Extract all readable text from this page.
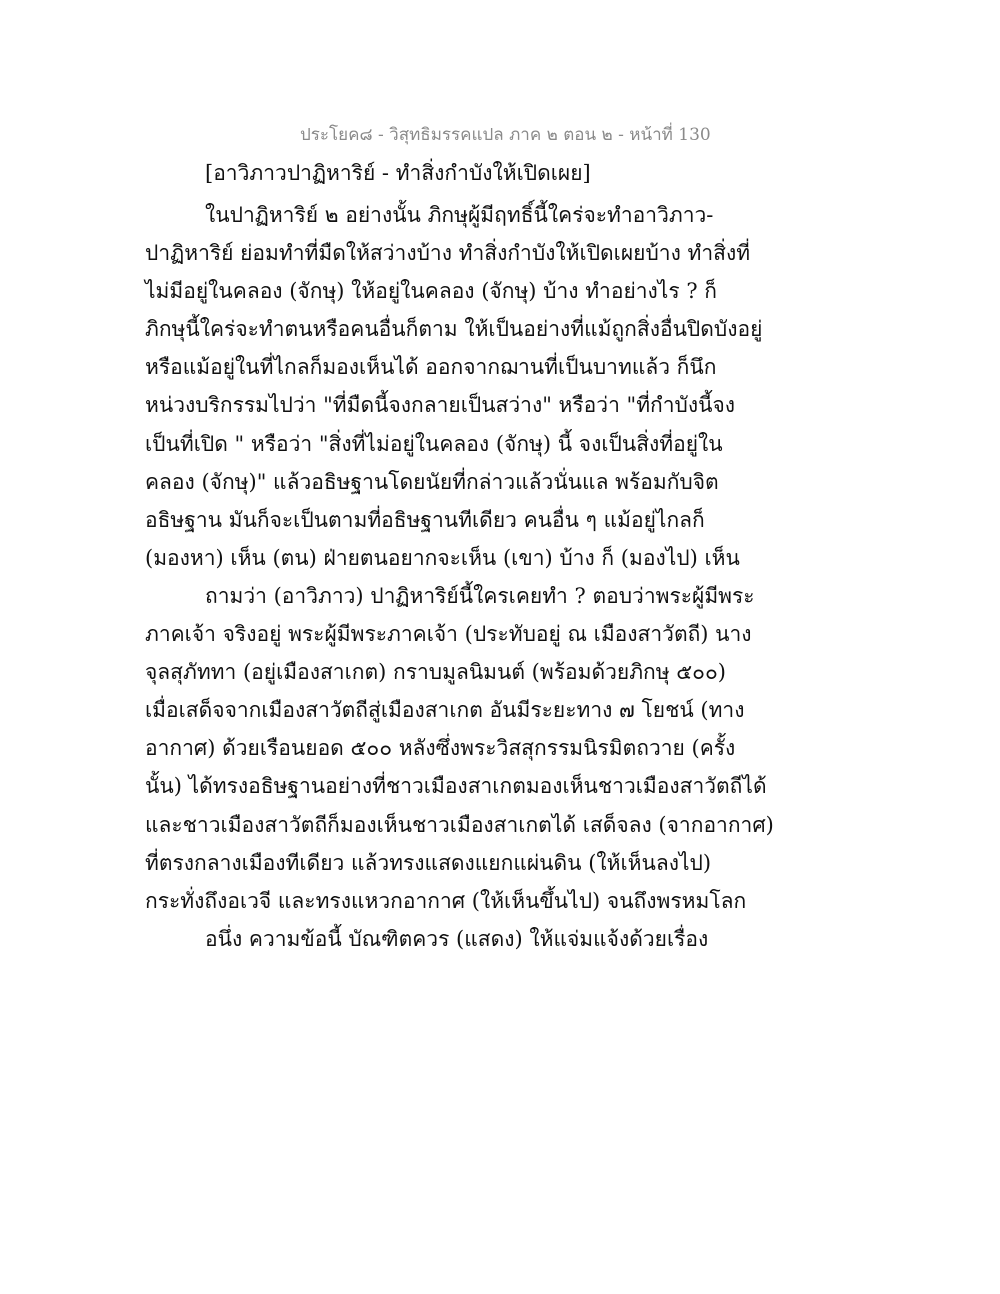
ประโยค๘ - วิสุทธิมรรคแปล ภาค ๒ ตอน ๒ - หน้าที่ 130
[อาวิภาวปาฏิหาริย์ - ทำสิ่งกำบังให้เปิดเผย]
ในปาฏิหาริย์ ๒ อย่างนั้น ภิกษุผู้มีฤทธิ์นี้ใคร่จะทำอาวิภาว-
ปาฏิหาริย์ ย่อมทำที่มืดให้สว่างบ้าง ทำสิ่งกำบังให้เปิดเผยบ้าง ทำสิ่งที่
ไม่มีอยู่ในคลอง (จักษุ) ให้อยู่ในคลอง (จักษุ) บ้าง ทำอย่างไร ? ก็
ภิกษุนี้ใคร่จะทำตนหรือคนอื่นก็ตาม ให้เป็นอย่างที่แม้ถูกสิ่งอื่นปิดบังอยู่
หรือแม้อยู่ในที่ไกลก็มองเห็นได้ ออกจากฌานที่เป็นบาทแล้ว ก็นึก
หน่วงบริกรรมไปว่า "ที่มืดนี้จงกลายเป็นสว่าง" หรือว่า "ที่กำบังนี้จง
เป็นที่เปิด " หรือว่า "สิ่งที่ไม่อยู่ในคลอง (จักษุ) นี้ จงเป็นสิ่งที่อยู่ใน
คลอง (จักษุ)" แล้วอธิษฐานโดยนัยที่กล่าวแล้วนั่นแล พร้อมกับจิต
อธิษฐาน มันก็จะเป็นตามที่อธิษฐานทีเดียว คนอื่น ๆ แม้อยู่ไกลก็
(มองหา) เห็น (ตน) ฝ่ายตนอยากจะเห็น (เขา) บ้าง ก็ (มองไป) เห็น
ถามว่า (อาวิภาว) ปาฏิหาริย์นี้ใครเคยทำ ? ตอบว่าพระผู้มีพระ
ภาคเจ้า จริงอยู่ พระผู้มีพระภาคเจ้า (ประทับอยู่ ณ เมืองสาวัตถี) นาง
จุลสุภัททา (อยู่เมืองสาเกต) กราบมูลนิมนต์ (พร้อมด้วยภิกษุ ๕๐๐)
เมื่อเสด็จจากเมืองสาวัตถีสู่เมืองสาเกต อันมีระยะทาง ๗ โยชน์ (ทาง
อากาศ) ด้วยเรือนยอด ๕๐๐ หลังซึ่งพระวิสสุกรรมนิรมิตถวาย (ครั้ง
นั้น) ได้ทรงอธิษฐานอย่างที่ชาวเมืองสาเกตมองเห็นชาวเมืองสาวัตถีได้
และชาวเมืองสาวัตถีก็มองเห็นชาวเมืองสาเกตได้ เสด็จลง (จากอากาศ)
ที่ตรงกลางเมืองทีเดียว แล้วทรงแสดงแยกแผ่นดิน (ให้เห็นลงไป)
กระทั่งถึงอเวจี และทรงแหวกอากาศ (ให้เห็นขึ้นไป) จนถึงพรหมโลก
อนึ่ง ความข้อนี้ บัณฑิตควร (แสดง) ให้แจ่มแจ้งด้วยเรื่อง
